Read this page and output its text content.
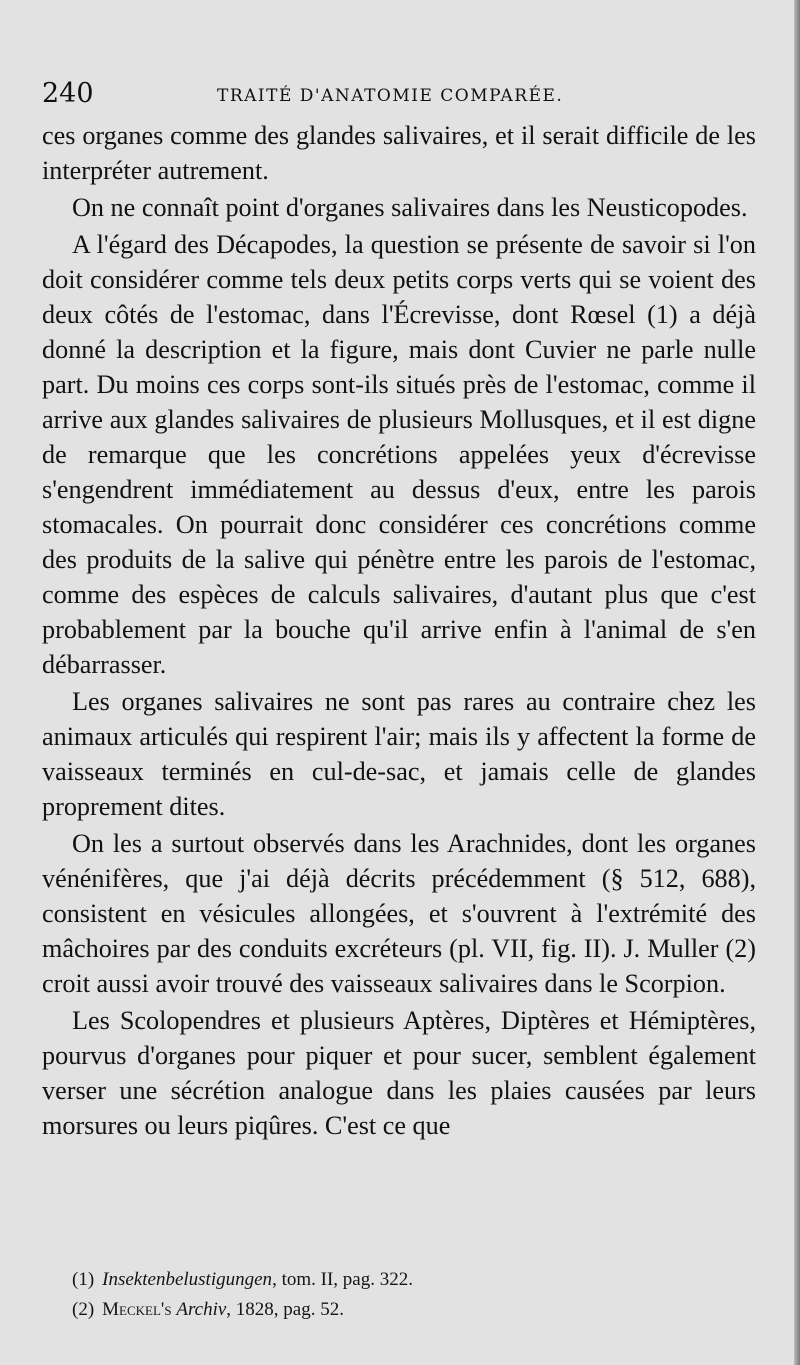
240	TRAITÉ D'ANATOMIE COMPARÉE.

ces organes comme des glandes salivaires, et il serait difficile de les interpréter autrement.

On ne connaît point d'organes salivaires dans les Neusticopodes.

A l'égard des Décapodes, la question se présente de savoir si l'on doit considérer comme tels deux petits corps verts qui se voient des deux côtés de l'estomac, dans l'Écrevisse, dont Rœsel (1) a déjà donné la description et la figure, mais dont Cuvier ne parle nulle part. Du moins ces corps sont-ils situés près de l'estomac, comme il arrive aux glandes salivaires de plusieurs Mollusques, et il est digne de remarque que les concrétions appelées yeux d'écrevisse s'engendrent immédiatement au dessus d'eux, entre les parois stomacales. On pourrait donc considérer ces concrétions comme des produits de la salive qui pénètre entre les parois de l'estomac, comme des espèces de calculs salivaires, d'autant plus que c'est probablement par la bouche qu'il arrive enfin à l'animal de s'en débarrasser.

Les organes salivaires ne sont pas rares au contraire chez les animaux articulés qui respirent l'air; mais ils y affectent la forme de vaisseaux terminés en cul-de-sac, et jamais celle de glandes proprement dites.

On les a surtout observés dans les Arachnides, dont les organes vénénifères, que j'ai déjà décrits précédemment (§ 512, 688), consistent en vésicules allongées, et s'ouvrent à l'extrémité des mâchoires par des conduits excréteurs (pl. VII, fig. II). J. Muller (2) croit aussi avoir trouvé des vaisseaux salivaires dans le Scorpion.

Les Scolopendres et plusieurs Aptères, Diptères et Hémiptères, pourvus d'organes pour piquer et pour sucer, semblent également verser une sécrétion analogue dans les plaies causées par leurs morsures ou leurs piqûres. C'est ce que

(1) Insektenbelustigungen, tom. II, pag. 322.
(2) Meckel's Archiv, 1828, pag. 52.
